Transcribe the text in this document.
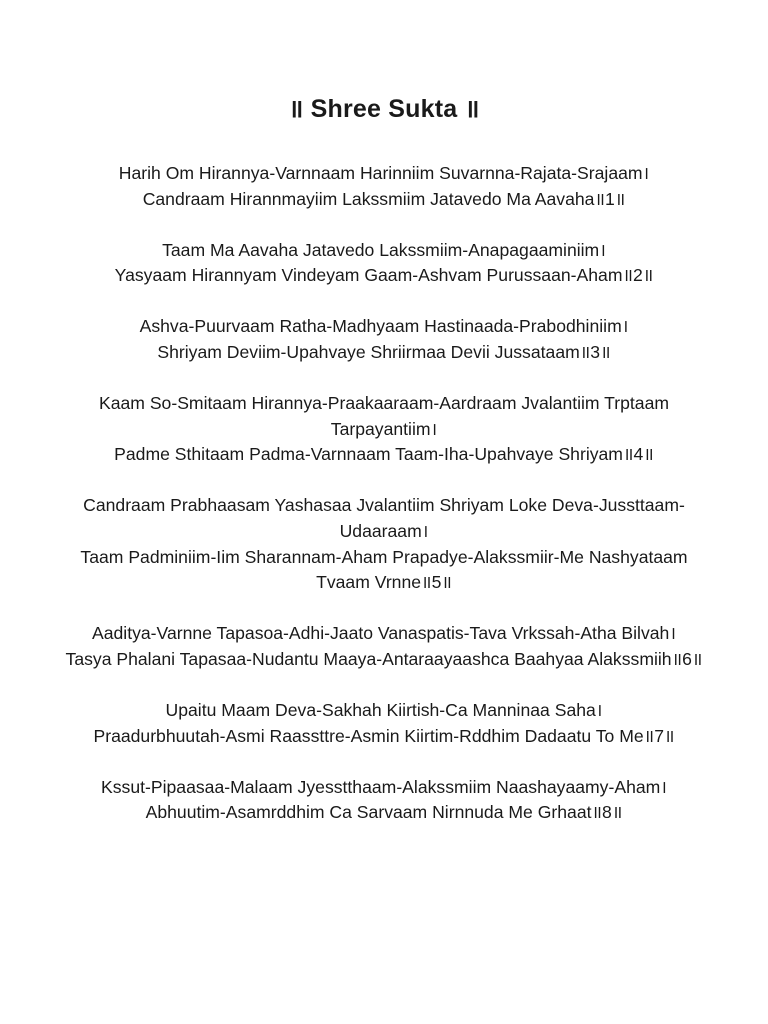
॥ Shree Sukta ॥
Harih Om Hirannya-Varnnaam Harinniim Suvarnna-Rajata-Srajaam।
Candraam Hirannmayiim Lakssmiim Jatavedo Ma Aavaha॥1॥
Taam Ma Aavaha Jatavedo Lakssmiim-Anapagaaminiim।
Yasyaam Hirannyam Vindeyam Gaam-Ashvam Purussaan-Aham॥2॥
Ashva-Puurvaam Ratha-Madhyaam Hastinaada-Prabodhiniim।
Shriyam Deviim-Upahvaye Shriirmaa Devii Jussataam॥3॥
Kaam So-Smitaam Hirannya-Praakaaraam-Aardraam Jvalantiim Trptaam Tarpayantiim।
Padme Sthitaam Padma-Varnnaam Taam-Iha-Upahvaye Shriyam॥4॥
Candraam Prabhaasam Yashasaa Jvalantiim Shriyam Loke Deva-Jussttaam-Udaaraam।
Taam Padminiim-Iim Sharannam-Aham Prapadye-Alakssmiir-Me Nashyataam Tvaam Vrnne॥5॥
Aaditya-Varnne Tapasoa-Adhi-Jaato Vanaspatis-Tava Vrkssah-Atha Bilvah।
Tasya Phalani Tapasaa-Nudantu Maaya-Antaraayaashca Baahyaa Alakssmiih॥6॥
Upaitu Maam Deva-Sakhah Kiirtish-Ca Manninaa Saha।
Praadurbhuutah-Asmi Raassttre-Asmin Kiirtim-Rddhim Dadaatu To Me॥7॥
Kssut-Pipaasaa-Malaam Jyesstthaam-Alakssmiim Naashayaamy-Aham।
Abhuutim-Asamrddhim Ca Sarvaam Nirnnuda Me Grhaat॥8॥
